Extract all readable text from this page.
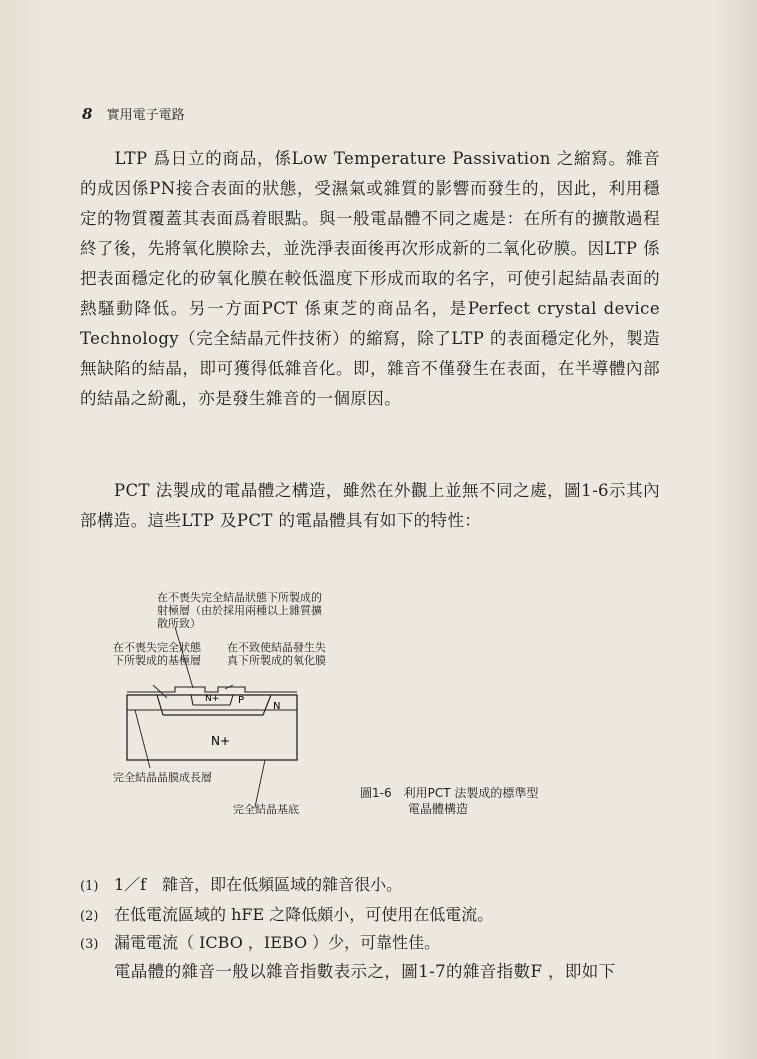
8 實用電子電路
　　LTP 爲日立的商品，係Low Temperature Passivation 之縮寫。雜音的成因係PN接合表面的狀態，受濕氣或雜質的影響而發生的，因此，利用穩定的物質覆蓋其表面爲着眼點。與一般電晶體不同之處是：在所有的擴散過程終了後，先將氧化膜除去，並洗淨表面後再次形成新的二氧化矽膜。因LTP 係把表面穩定化的矽氧化膜在較低溫度下形成而取的名字，可使引起結晶表面的熱騷動降低。另一方面PCT 係東芝的商品名，是Perfect crystal device Technology（完全結晶元件技術）的縮寫，除了LTP 的表面穩定化外，製造無缺陷的結晶，即可獲得低雜音化。即，雜音不僅發生在表面，在半導體內部的結晶之紛亂，亦是發生雜音的一個原因。
　　PCT 法製成的電晶體之構造，雖然在外觀上並無不同之處，圖1-6示其內部構造。這些LTP 及PCT 的電晶體具有如下的特性：
N+ P
N
N+
在不喪失完全結晶狀態下所製成的射極層（由於採用兩種以上雜質擴散所致）
在不喪失完全狀態下所製成的基極層
在不致使結晶發生失真下所製成的氧化膜
完全結晶晶膜成長層
完全結晶基底
圖1-6　利用PCT 法製成的標準型
電晶體構造
(1) 1／f　雜音，即在低頻區域的雜音很小。
(2) 在低電流區域的 hFE 之降低頗小，可使用在低電流。
(3) 漏電電流（ ICBO ，IEBO ）少，可靠性佳。
電晶體的雜音一般以雜音指數表示之，圖1-7的雜音指數F ，即如下
